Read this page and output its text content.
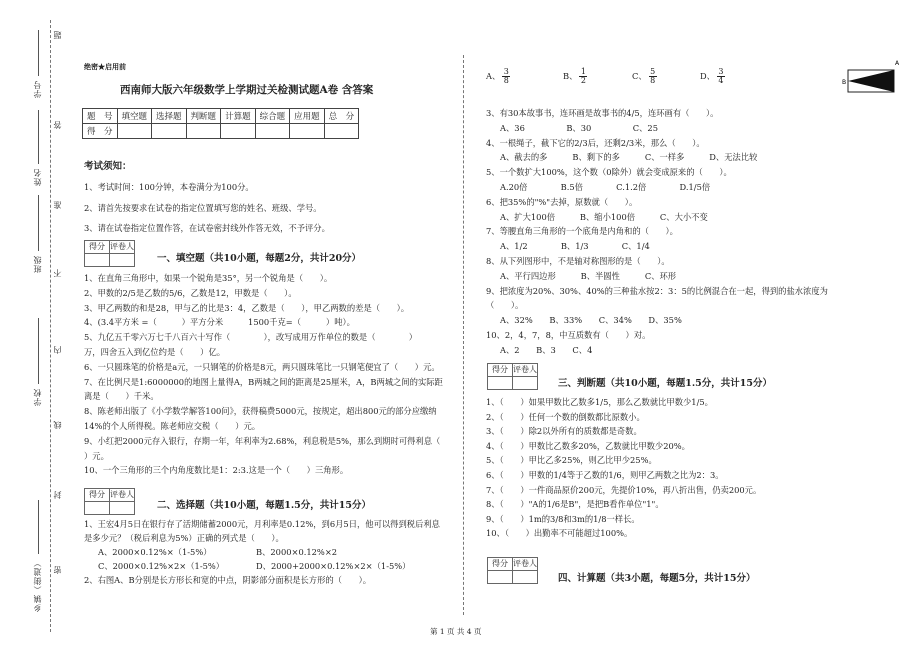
学号
姓名
班级
学校
乡镇（街道）
题
答
准
不
内
线
封
密
绝密★启用前
西南师大版六年级数学上学期过关检测试题A卷 含答案
题　号	填空题	选择题	判断题	计算题	综合题	应用题	总　分
得　分							
考试须知：
1、考试时间：100分钟，本卷满分为100分。
2、请首先按要求在试卷的指定位置填写您的姓名、班级、学号。
3、请在试卷指定位置作答，在试卷密封线外作答无效，不予评分。
得分 评卷人
一、填空题（共10小题，每题2分，共计20分）
1、在直角三角形中，如果一个锐角是35°，另一个锐角是（　　）。
2、甲数的2/5是乙数的5/6，乙数是12，甲数是（　　）。
3、甲乙两数的和是28，甲与乙的比是3：4，乙数是（　　），甲乙两数的差是（　　）。
4、(3.4平方米 =（　　　）平方分米　　　1500千克=（　　　）吨）。
5、九亿五千零六万七千八百六十写作（　　　　），改写成用万作单位的数是（　　　　）
万，四舍五入到亿位约是（　　）亿。
6、一只圆珠笔的价格是a元，一只钢笔的价格是8元，两只圆珠笔比一只钢笔便宜了（　　）元。
7、在比例尺是1:6000000的地图上量得A，B两城之间的距离是25厘米，A，B两城之间的实际距
离是（　　）千米。
8、陈老师出版了《小学数学解答100问》，获得稿费5000元，按规定，超出800元的部分应缴纳
14%的个人所得税。陈老师应交税（　　）元。
9、小红把2000元存入银行，存期一年，年利率为2.68%，利息税是5%，那么到期时可得利息（　　
）元。
10、一个三角形的三个内角度数比是1：2:3.这是一个（　　）三角形。
得分 评卷人
二、选择题（共10小题，每题1.5分，共计15分）
1、王宏4月5日在银行存了活期储蓄2000元，月利率是0.12%，到6月5日，他可以得到税后利息
是多少元？（税后利息为5%）正确的列式是（　　）。
A、2000×0.12%×（1-5%）	B、2000×0.12%×2
C、2000×0.12%×2×（1-5%）	D、2000+2000×0.12%×2×（1-5%）
2、右图A、B分别是长方形长和宽的中点，阴影部分面积是长方形的（　　）。
A、 $\frac{3}{8}$	B、 $\frac{1}{2}$	C、 $\frac{5}{8}$	D、 $\frac{3}{4}$
A
B
3、有30本故事书，连环画是故事书的4/5，连环画有（　　）。
A、36　　　　　B、30　　　　　C、25
4、一根绳子，截下它的2/3后，还剩2/3米，那么（　　）。
A、截去的多　　　B、剩下的多　　　C、一样多　　　D、无法比较
5、一个数扩大100%，这个数（0除外）就会变成原来的（　　）。
A.20倍　　　　B.5倍　　　　C.1.2倍　　　　D.1/5倍
6、把35%的"%"去掉，原数就（　　）。
A、扩大100倍　　　B、缩小100倍　　　C、大小不变
7、等腰直角三角形的一个底角是内角和的（　　）。
A、1/2　　　　B、1/3　　　　C、1/4
8、从下列图形中，不是轴对称图形的是（　　）。
A、平行四边形　　　B、半圆性　　　C、环形
9、把浓度为20%、30%、40%的三种盐水按2：3：5的比例混合在一起，得到的盐水浓度为
（　　）。
A、32%　　B、33%　　C、34%　　D、35%
10、2，4，7，8，中互质数有（　　）对。
A、2　　B、3　　C、4
得分 评卷人
三、判断题（共10小题，每题1.5分，共计15分）
1、（　　）如果甲数比乙数多1/5，那么乙数就比甲数少1/5。
2、（　　）任何一个数的倒数都比原数小。
3、（　　）除2以外所有的质数都是奇数。
4、（　　）甲数比乙数多20%，乙数就比甲数少20%。
5、（　　）甲比乙多25%，则乙比甲少25%。
6、（　　）甲数的1/4等于乙数的1/6，则甲乙两数之比为2：3。
7、（　　）一件商品原价200元，先提价10%，再八折出售，仍卖200元。
8、（　　）"A的1/6是B"，是把B看作单位"1"。
9、（　　）1m的3/8和3m的1/8一样长。
10、（　　）出勤率不可能超过100%。
得分 评卷人
四、计算题（共3小题，每题5分，共计15分）
第 1 页 共 4 页
